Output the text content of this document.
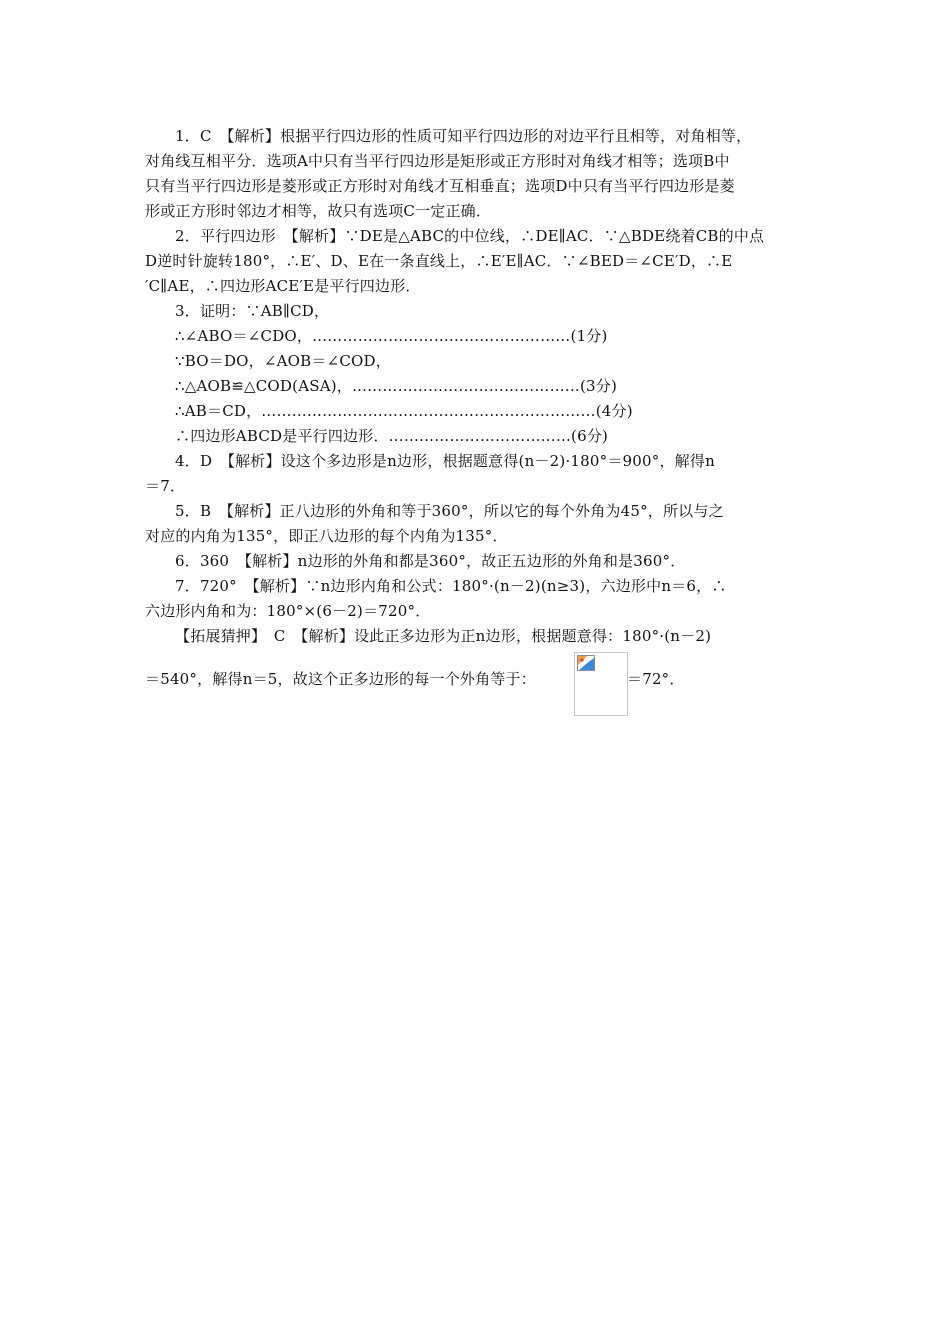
1．C　【解析】根据平行四边形的性质可知平行四边形的对边平行且相等，对角相等，
对角线互相平分．选项A中只有当平行四边形是矩形或正方形时对角线才相等；选项B中
只有当平行四边形是菱形或正方形时对角线才互相垂直；选项D中只有当平行四边形是菱
形或正方形时邻边才相等，故只有选项C一定正确．
2．平行四边形　【解析】∵DE是△ABC的中位线，∴DE∥AC．∵△BDE绕着CB的中点
D逆时针旋转180°，∴E′、D、E在一条直线上，∴E′E∥AC．∵∠BED＝∠CE′D，∴E
′C∥AE，∴四边形ACE′E是平行四边形．
3．证明：∵AB∥CD，
∴∠ABO＝∠CDO，……………………………………………(1分)
∵BO＝DO，∠AOB＝∠COD，
∴△AOB≌△COD(ASA)，………………………………………(3分)
∴AB＝CD，…………………………………………………………(4分)
∴四边形ABCD是平行四边形．………………………………(6分)
4．D　【解析】设这个多边形是n边形，根据题意得(n－2)·180°＝900°，解得n
＝7．
5．B　【解析】正八边形的外角和等于360°，所以它的每个外角为45°，所以与之
对应的内角为135°，即正八边形的每个内角为135°．
6．360　【解析】n边形的外角和都是360°，故正五边形的外角和是360°．
7．720°　【解析】∵n边形内角和公式：180°·(n－2)(n≥3)，六边形中n＝6，∴
六边形内角和为：180°×(6－2)＝720°．
【拓展猜押】　C　【解析】设此正多边形为正n边形，根据题意得：180°·(n－2)
＝540°，解得n＝5，故这个正多边形的每一个外角等于：	＝72°．
